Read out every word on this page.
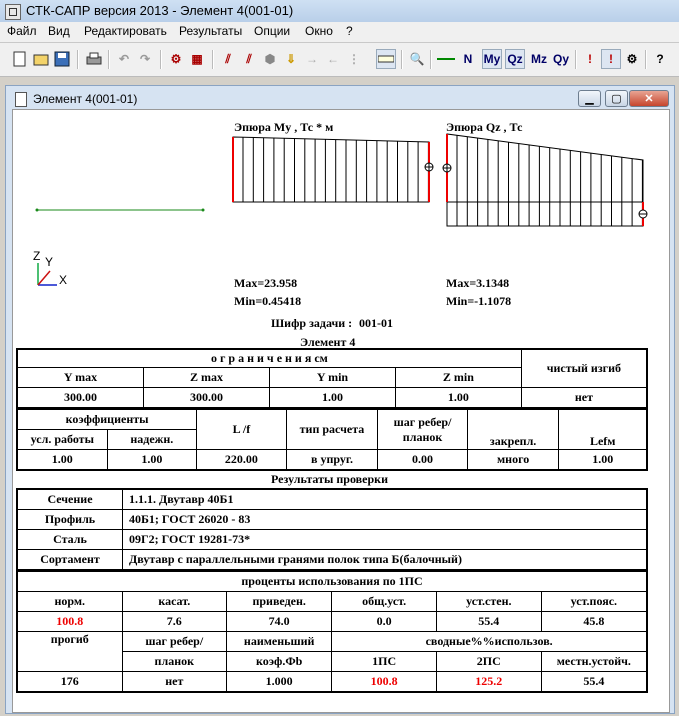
СТК-САПР версия 2013 - Элемент 4(001-01)
Файл Вид Редактировать Результаты Опции Окно ?
↶ ↷	⚙ ▦	⫽	⫽	⬢ ⇓ → ← ⋮	🔍	N My Qz Mz Qy	ǃ	ǃ	⚙	?
Элемент 4(001-01)	▁	▢	✕
Z Y
X
Эпюра My , Тс * м	Эпюра Qz , Тс
Max=23.958
Min=0.45418
Max=3.1348
Min=-1.1078
Шифр задачи : 001-01
Элемент 4
о г р а н и ч е н и я см				чистый изгиб
Y max	Z max	Y min	Z min	
300.00	300.00	1.00	1.00	нет
коэффициенты		L /f	тип расчета	шаг ребер/ планок	закрепл.	Lefм
усл. работы	надежн.					
1.00	1.00	220.00	в упруг.	0.00	много	1.00
Результаты проверки
Сечение	1.1.1. Двутавр 40Б1
Профиль	40Б1; ГОСТ 26020 - 83
Сталь	09Г2; ГОСТ 19281-73*
Сортамент	Двутавр с параллельными гранями полок типа Б(балочный)
проценты использования по 1ПС					
норм.	касат.	приведен.	общ.уст.	уст.стен.	уст.пояс.
100.8	7.6	74.0	0.0	55.4	45.8
прогиб	шаг ребер/	наименьший	сводные%%использов.		
	планок	коэф.Фb	1ПС	2ПС	местн.устойч.
176	нет	1.000	100.8	125.2	55.4
